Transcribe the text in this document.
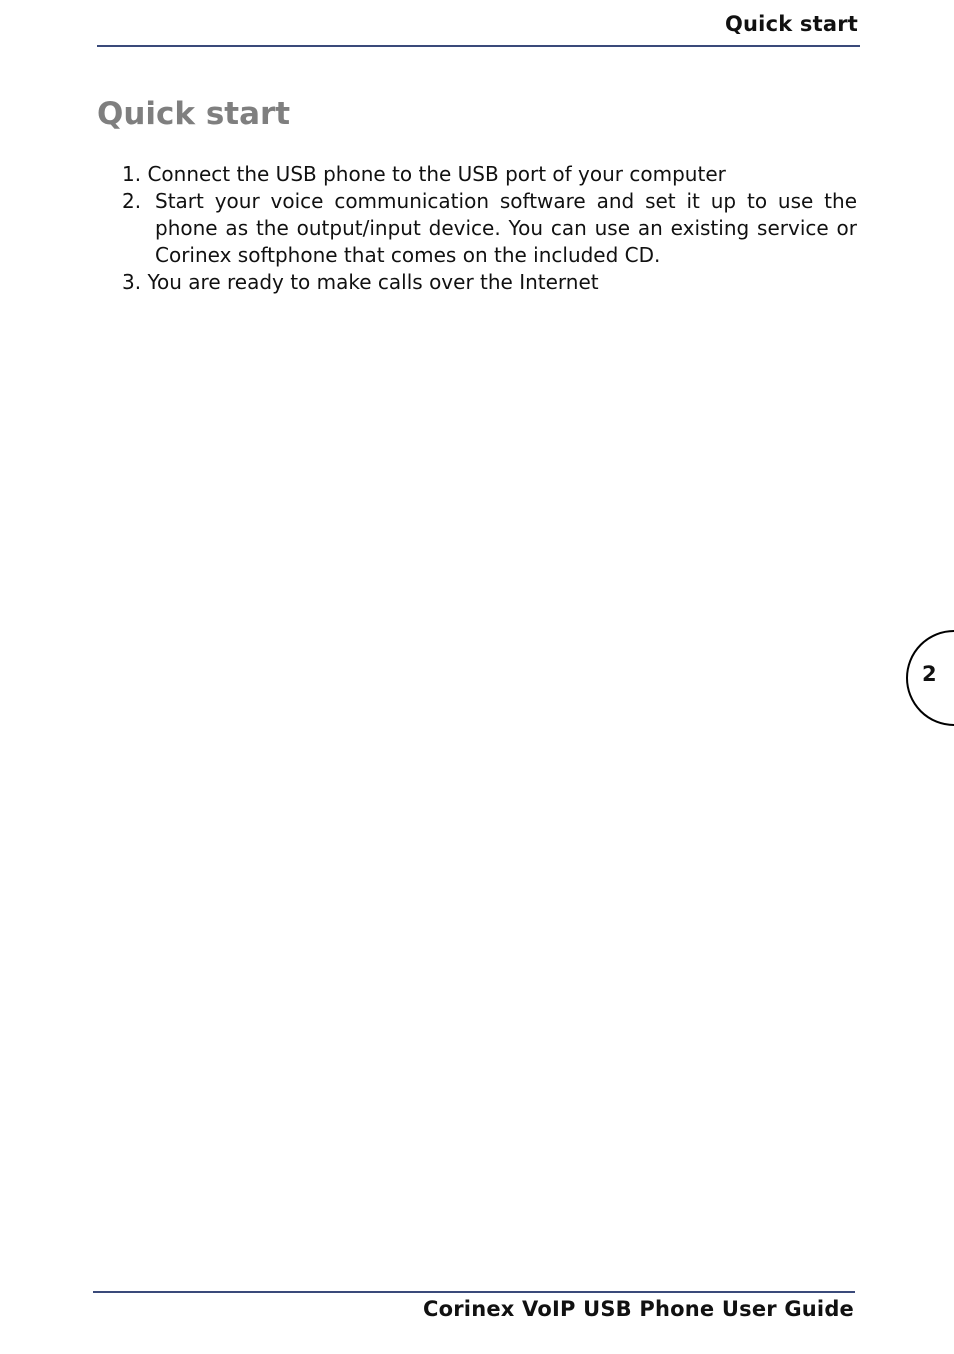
Quick start
Quick start
1. Connect the USB phone to the USB port of your computer
2. Start your voice communication software and set it up to use the phone as the output/input device. You can use an existing service or Corinex softphone that comes on the included CD.
3. You are ready to make calls over the Internet
2
Corinex VoIP USB Phone User Guide
